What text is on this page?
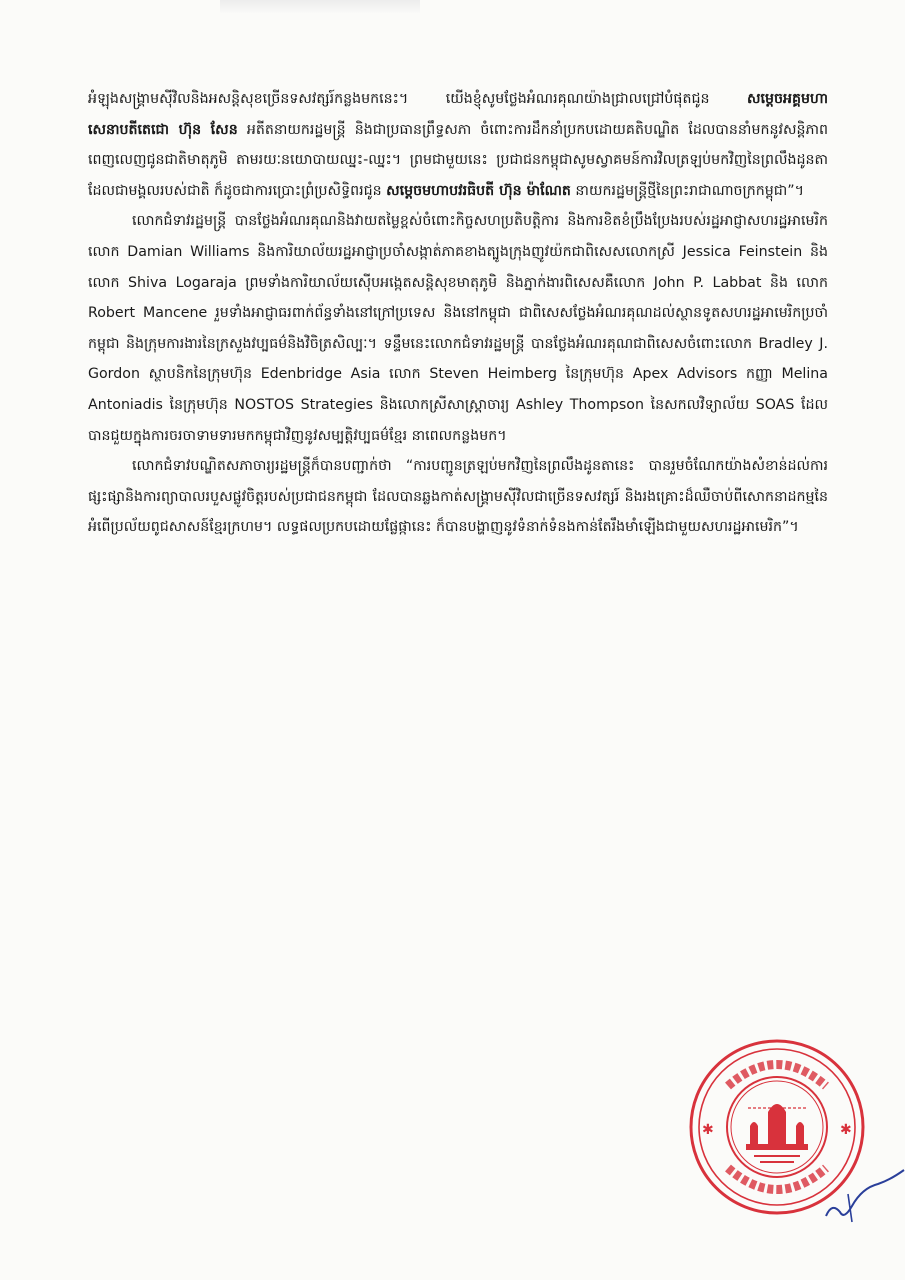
អំឡុងសង្គ្រាមស៊ីវិលនិងអសន្តិសុខច្រើនទសវត្សរ៍កន្លងមកនេះ។ យើងខ្ញុំសូមថ្លែងអំណរគុណយ៉ាងជ្រាលជ្រៅបំផុតជូន សម្តេចអគ្គមហាសេនាបតីតេជោ ហ៊ុន សែន អតីតនាយករដ្ឋមន្ត្រី និងជាប្រធានព្រឹទ្ធសភា ចំពោះការដឹកនាំប្រកបដោយគតិបណ្ឌិត ដែលបាននាំមកនូវសន្តិភាពពេញលេញជូនជាតិមាតុភូមិ តាមរយៈនយោបាយឈ្នះ-ឈ្នះ។ ព្រមជាមួយនេះ ប្រជាជនកម្ពុជាសូមស្វាគមន៍ការវិលត្រឡប់មកវិញនៃព្រលឹងដូនតាដែលជាមង្គលរបស់ជាតិ ក៏ដូចជាការប្រោះព្រំប្រសិទ្ធិពរជូន សម្តេចមហាបវរធិបតី ហ៊ុន ម៉ាណែត នាយករដ្ឋមន្ត្រីថ្មីនៃព្រះរាជាណាចក្រកម្ពុជា”។

លោកជំទាវរដ្ឋមន្ត្រី បានថ្លែងអំណរគុណនិងវាយតម្លៃខ្ពស់ចំពោះកិច្ចសហប្រតិបត្តិការ និងការខិតខំប្រឹងប្រែងរបស់រដ្ឋអាជ្ញាសហរដ្ឋអាមេរិក លោក Damian Williams និងការិយាល័យរដ្ឋអាជ្ញាប្រចាំសង្កាត់ភាគខាងត្បូងក្រុងញូវយ៉កជាពិសេសលោកស្រី Jessica Feinstein និងលោក Shiva Logaraja ព្រមទាំងការិយាល័យស៊ើបអង្កេតសន្តិសុខមាតុភូមិ និងភ្នាក់ងារពិសេសគឺលោក John P. Labbat និង លោក Robert Mancene រួមទាំងអាជ្ញាធរពាក់ព័ន្ធទាំងនៅក្រៅប្រទេស និងនៅកម្ពុជា ជាពិសេសថ្លែងអំណរគុណដល់ស្ថានទូតសហរដ្ឋអាមេរិកប្រចាំកម្ពុជា និងក្រុមការងារនៃក្រសួងវប្បធម៌និងវិចិត្រសិល្បៈ។ ទន្ទឹមនេះលោកជំទាវរដ្ឋមន្ត្រី បានថ្លែងអំណរគុណជាពិសេសចំពោះលោក Bradley J. Gordon ស្ថាបនិកនៃក្រុមហ៊ុន Edenbridge Asia លោក Steven Heimberg នៃក្រុមហ៊ុន Apex Advisors កញ្ញា Melina Antoniadis នៃក្រុមហ៊ុន NOSTOS Strategies និងលោកស្រីសាស្ត្រាចារ្យ Ashley Thompson នៃសកលវិទ្យាល័យ SOAS ដែលបានជួយក្នុងការចរចាទាមទារមកកម្ពុជាវិញនូវសម្បត្តិវប្បធម៌ខ្មែរ នាពេលកន្លងមក។

លោកជំទាវបណ្ឌិតសភាចារ្យរដ្ឋមន្ត្រីក៏បានបញ្ជាក់ថា “ការបញ្ជូនត្រឡប់មកវិញនៃព្រលឹងដូនតានេះ បានរួមចំណែកយ៉ាងសំខាន់ដល់ការផ្សះផ្សានិងការព្យាបាលរបួសផ្លូវចិត្តរបស់ប្រជាជនកម្ពុជា ដែលបានឆ្លងកាត់សង្គ្រាមស៊ីវិលជាច្រើនទសវត្សរ៍ និងរងគ្រោះដ៏ឈឺចាប់ពីសោកនាដកម្មនៃអំពើប្រល័យពូជសាសន៍ខ្មែរក្រហម។ លទ្ធផលប្រកបដោយផ្លែផ្កានេះ ក៏បានបង្ហាញនូវទំនាក់ទំនងកាន់តែរឹងមាំឡើងជាមួយសហរដ្ឋអាមេរិក”។

✱	✱
